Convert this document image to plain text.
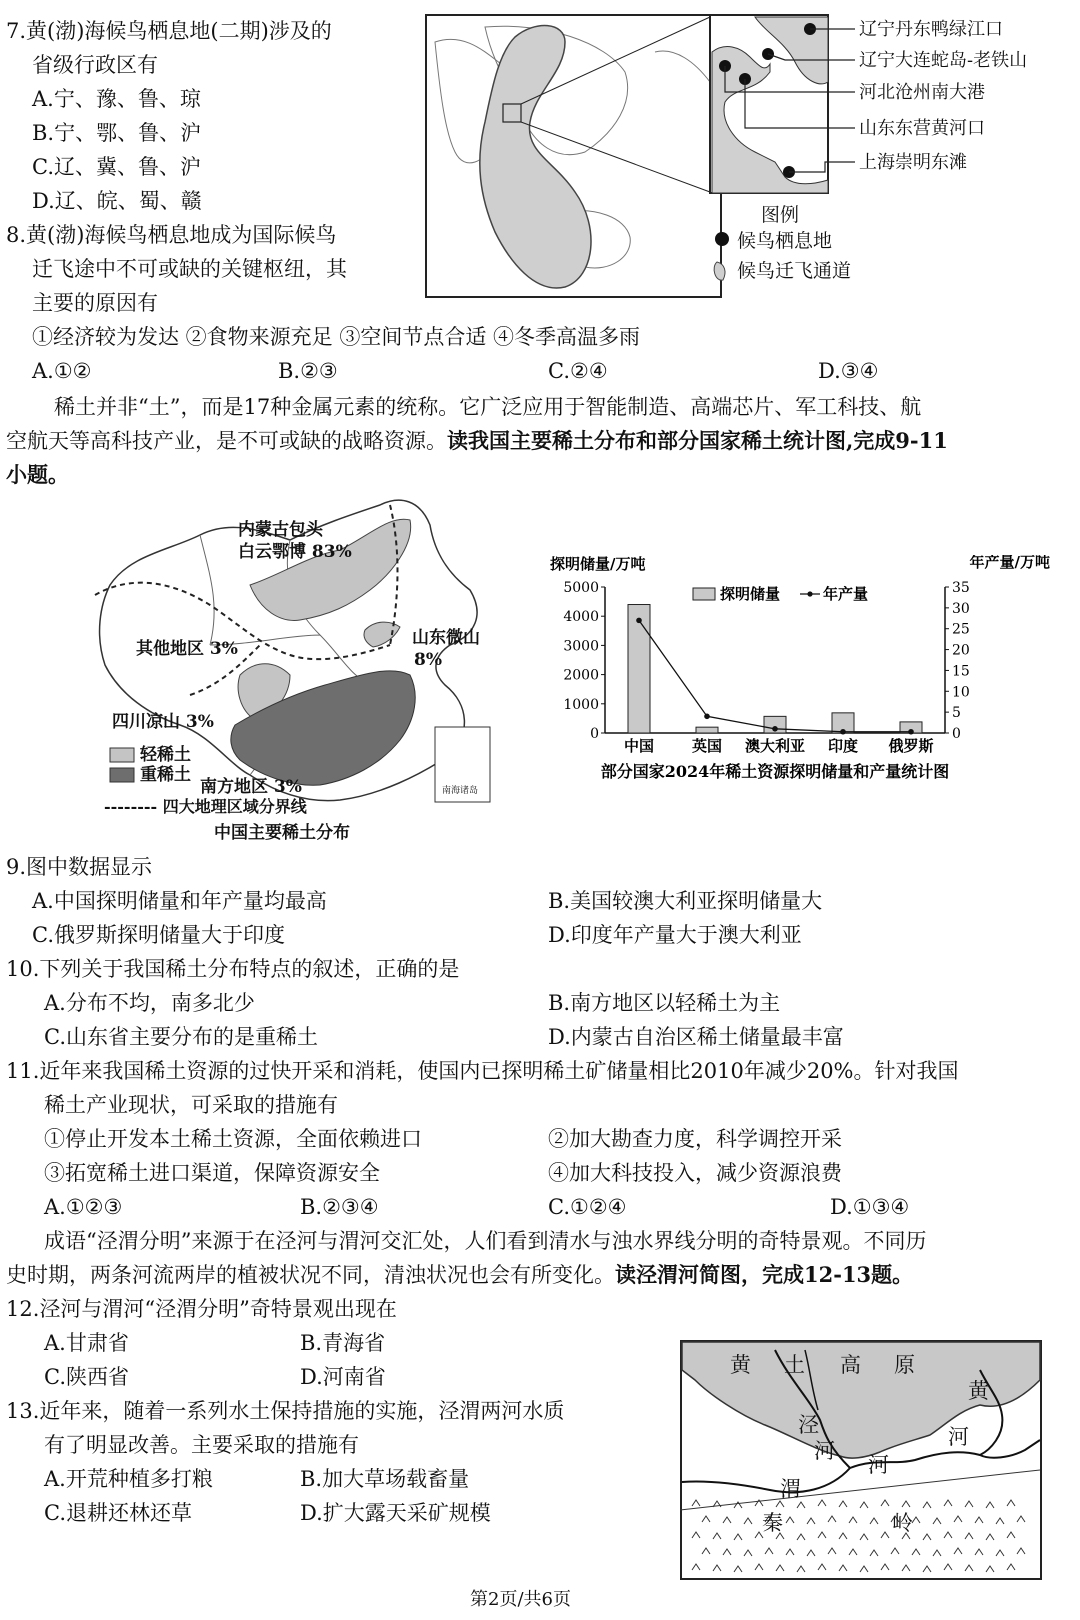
7.黄(渤)海候鸟栖息地(二期)涉及的
省级行政区有
A.宁、豫、鲁、琼
B.宁、鄂、鲁、沪
C.辽、冀、鲁、沪
D.辽、皖、蜀、赣
8.黄(渤)海候鸟栖息地成为国际候鸟
迁飞途中不可或缺的关键枢纽，其
主要的原因有
①经济较为发达 ②食物来源充足 ③空间节点合适 ④冬季高温多雨
A.①②	B.②③	C.②④	D.③④
辽宁丹东鸭绿江口
辽宁大连蛇岛-老铁山
河北沧州南大港
山东东营黄河口
上海崇明东滩
图例
候鸟栖息地
候鸟迁飞通道
稀土并非“土”，而是17种金属元素的统称。它广泛应用于智能制造、高端芯片、军工科技、航
空航天等高科技产业，是不可或缺的战略资源。读我国主要稀土分布和部分国家稀土统计图,完成9-11
小题。
内蒙古包头
白云鄂博 83%
山东微山
8%
其他地区 3%
四川凉山 3%
南方地区 3%
轻稀土
重稀土
-------- 四大地理区域分界线
南海诸岛
中国主要稀土分布
探明储量/万吨	年产量/万吨
0
1000
2000
3000
4000
5000
0
5
10
15
20
25
30
35
中国	英国 澳大利亚 印度 俄罗斯
探明储量	年产量
部分国家2024年稀土资源探明储量和产量统计图
9.图中数据显示
A.中国探明储量和年产量均最高	B.美国较澳大利亚探明储量大
C.俄罗斯探明储量大于印度	D.印度年产量大于澳大利亚
10.下列关于我国稀土分布特点的叙述，正确的是
A.分布不均，南多北少	B.南方地区以轻稀土为主
C.山东省主要分布的是重稀土	D.内蒙古自治区稀土储量最丰富
11.近年来我国稀土资源的过快开采和消耗，使国内已探明稀土矿储量相比2010年减少20%。针对我国
稀土产业现状，可采取的措施有
①停止开发本土稀土资源，全面依赖进口	②加大勘查力度，科学调控开采
③拓宽稀土进口渠道，保障资源安全	④加大科技投入，减少资源浪费
A.①②③	B.②③④	C.①②④	D.①③④
成语“泾渭分明”来源于在泾河与渭河交汇处，人们看到清水与浊水界线分明的奇特景观。不同历
史时期，两条河流两岸的植被状况不同，清浊状况也会有所变化。读泾渭河简图，完成12-13题。
12.泾河与渭河“泾渭分明”奇特景观出现在
A.甘肃省	B.青海省
C.陕西省	D.河南省
13.近年来，随着一系列水土保持措施的实施，泾渭两河水质
有了明显改善。主要采取的措施有
A.开荒种植多打粮	B.加大草场载畜量
C.退耕还林还草	D.扩大露天采矿规模
黄 土 高 原
泾
河
渭
河
黄
河
秦	岭
第2页/共6页
